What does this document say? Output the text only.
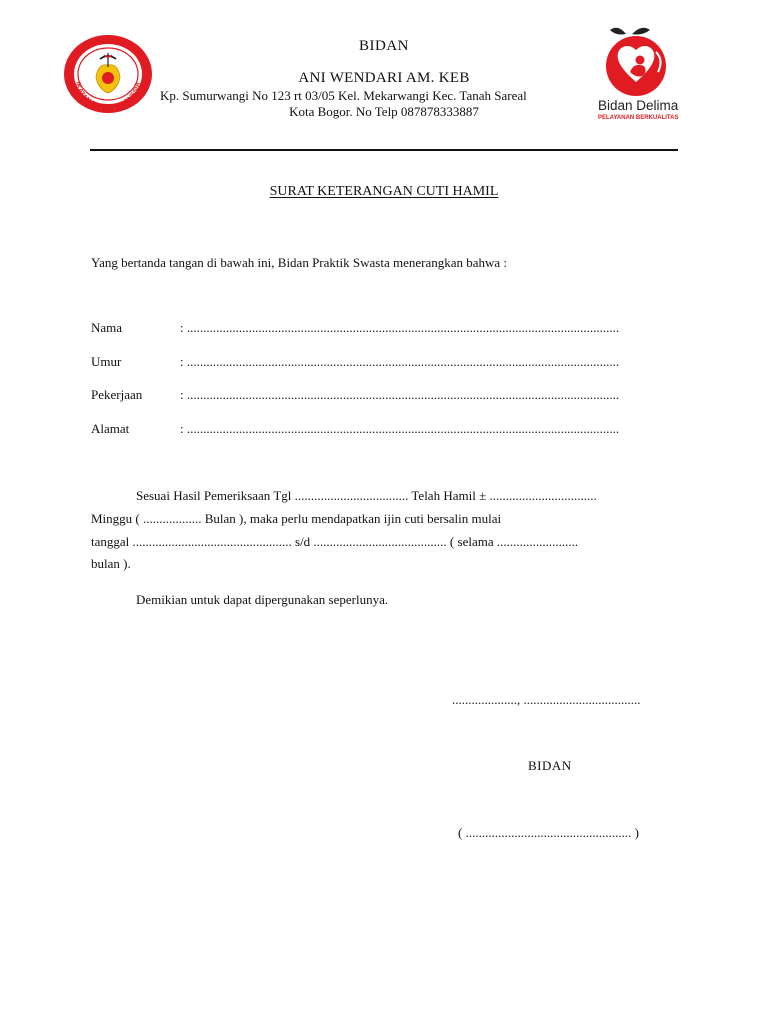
IKATAN BIDAN INDONESIA
BIDAN
ANI WENDARI AM. KEB
Kp. Sumurwangi No 123 rt 03/05 Kel. Mekarwangi Kec. Tanah Sareal
Kota Bogor. No Telp 087878333887	Bidan Delima
PELAYANAN BERKUALITAS
SURAT KETERANGAN CUTI HAMIL
Yang bertanda tangan di bawah ini, Bidan Praktik Swasta menerangkan bahwa :
Nama	: .....................................................................................................................................
Umur	: .....................................................................................................................................
Pekerjaan	: .....................................................................................................................................
Alamat	: .....................................................................................................................................
Sesuai Hasil Pemeriksaan Tgl ................................... Telah Hamil ± .................................
Minggu ( .................. Bulan ), maka perlu mendapatkan ijin cuti bersalin mulai
tanggal ................................................. s/d ......................................... ( selama .........................
bulan ).
Demikian untuk dapat dipergunakan seperlunya.
...................., ....................................
BIDAN
( ................................................... )
